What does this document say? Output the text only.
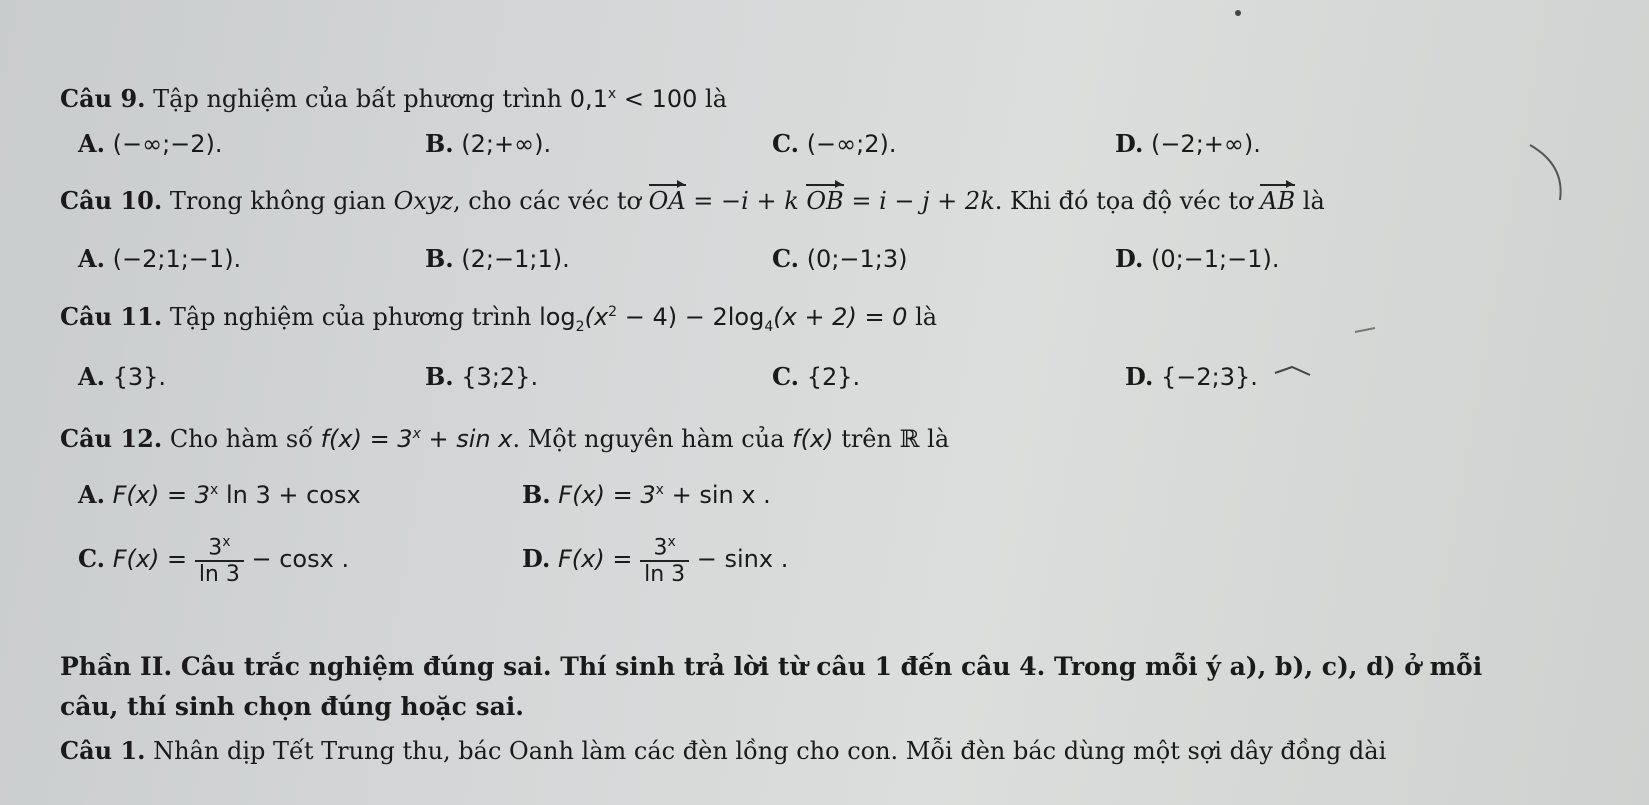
Câu 9. Tập nghiệm của bất phương trình $0,1^x < 100$ là
A. (−∞;−2).	B. (2;+∞).	C. (−∞;2).	D. (−2;+∞).
Câu 10. Trong không gian Oxyz, cho các véc tơ OA = −i + k OB = i − j + 2k. Khi đó tọa độ véc tơ AB là
A. (−2;1;−1).	B. (2;−1;1).	C. (0;−1;3)	D. (0;−1;−1).
Câu 11. Tập nghiệm của phương trình $\log_2(x^2 - 4) - 2\log_4(x + 2) = 0$ là
A. {3}.	B. {3;2}.	C. {2}.	D. {−2;3}.
Câu 12. Cho hàm số $f(x) = 3^x + \sin x$. Một nguyên hàm của f(x) trên ℝ là
A. $F(x) = 3^x$ ln 3 + cosx	B. $F(x) = 3^x + \sin x$ .
C. $F(x) = \frac{3^x}{\ln 3} - \cos x$ .	D. $F(x) = \frac{3^x}{\ln 3} - \sin x$ .
Phần II. Câu trắc nghiệm đúng sai. Thí sinh trả lời từ câu 1 đến câu 4. Trong mỗi ý a), b), c), d) ở mỗi
câu, thí sinh chọn đúng hoặc sai.
Câu 1. Nhân dịp Tết Trung thu, bác Oanh làm các đèn lồng cho con. Mỗi đèn bác dùng một sợi dây đồng dài
